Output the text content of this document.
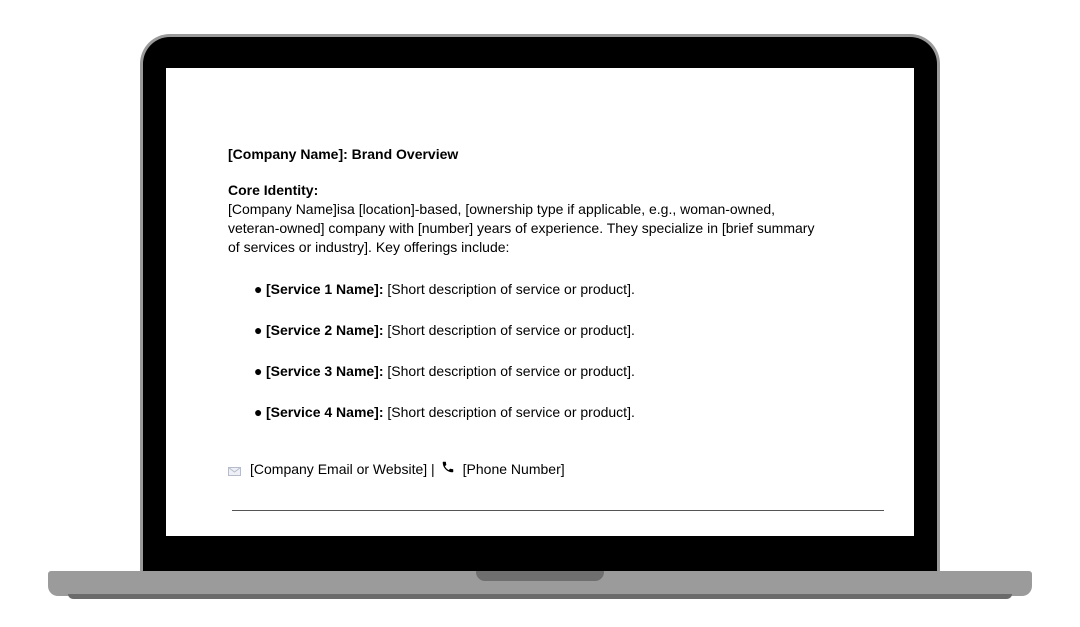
[Company Name]: Brand Overview
Core Identity:
[Company Name]isa [location]-based, [ownership type if applicable, e.g., woman-owned,
veteran-owned] company with [number] years of experience. They specialize in [brief summary
of services or industry]. Key offerings include:
● [Service 1 Name]: [Short description of service or product].
● [Service 2 Name]: [Short description of service or product].
● [Service 3 Name]: [Short description of service or product].
● [Service 4 Name]: [Short description of service or product].
[Company Email or Website] | [Phone Number]
